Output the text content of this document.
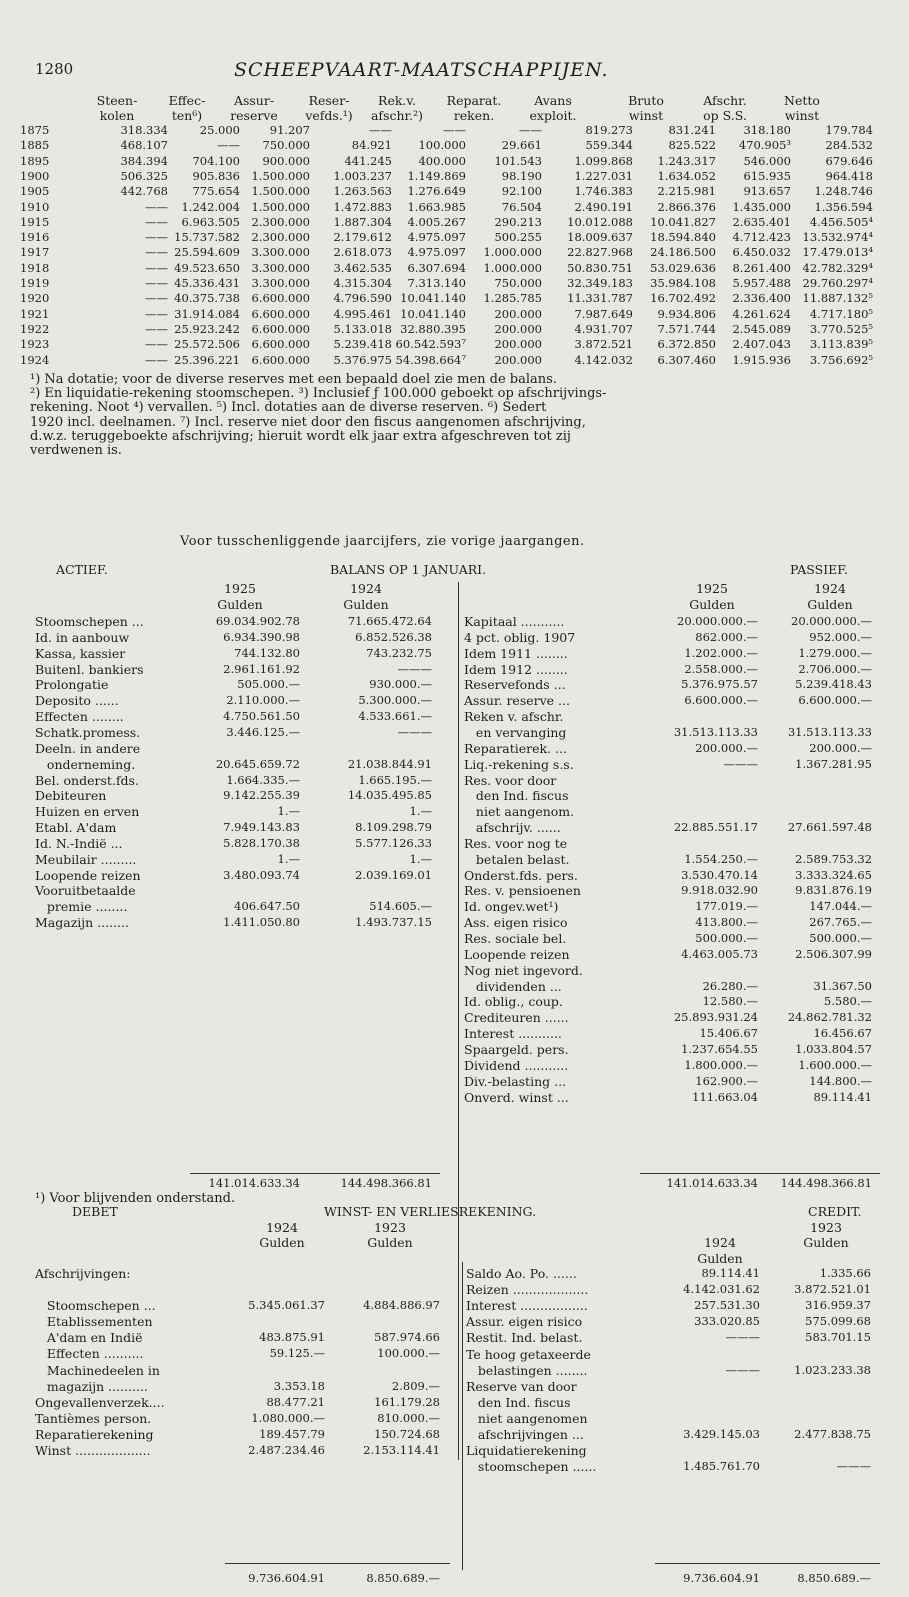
1280	SCHEEPVAART-MAATSCHAPPIJEN.
Steen-
kolen
Effec-
ten⁶)
Assur-
reserve
Reser-
vefds.¹)
Rek.v.
afschr.²)
Reparat.
reken.
Avans
exploit.
Bruto
winst
Afschr.
op S.S.
Netto
winst
1875	318.334	25.000	91.207	——	——	——	819.273	831.241	318.180	179.784
1885	468.107	——	750.000	84.921	100.000	29.661	559.344	825.522	470.905³	284.532
1895	384.394	704.100	900.000	441.245	400.000	101.543	1.099.868	1.243.317	546.000	679.646
1900	506.325	905.836 1.500.000	1.003.237	1.149.869	98.190	1.227.031	1.634.052	615.935	964.418
1905	442.768	775.654 1.500.000	1.263.563	1.276.649	92.100	1.746.383	2.215.981	913.657	1.248.746
1910	——	1.242.004 1.500.000	1.472.883	1.663.985	76.504	2.490.191	2.866.376	1.435.000	1.356.594
1915	——	6.963.505 2.300.000	1.887.304	4.005.267	290.213	10.012.088	10.041.827	2.635.401	4.456.505⁴
1916	—— 15.737.582 2.300.000	2.179.612	4.975.097	500.255	18.009.637	18.594.840	4.712.423	13.532.974⁴
1917	—— 25.594.609 3.300.000	2.618.073	4.975.097	1.000.000	22.827.968	24.186.500	6.450.032	17.479.013⁴
1918	—— 49.523.650 3.300.000	3.462.535	6.307.694	1.000.000	50.830.751	53.029.636	8.261.400	42.782.329⁴
1919	—— 45.336.431 3.300.000	4.315.304	7.313.140	750.000	32.349.183	35.984.108	5.957.488	29.760.297⁴
1920	—— 40.375.738 6.600.000	4.796.590 10.041.140	1.285.785	11.331.787	16.702.492	2.336.400	11.887.132⁵
1921	—— 31.914.084 6.600.000	4.995.461 10.041.140	200.000	7.987.649	9.934.806	4.261.624	4.717.180⁵
1922	—— 25.923.242 6.600.000	5.133.018 32.880.395	200.000	4.931.707	7.571.744	2.545.089	3.770.525⁵
1923	—— 25.572.506 6.600.000	5.239.418 60.542.593⁷	200.000	3.872.521	6.372.850	2.407.043	3.113.839⁵
1924	—— 25.396.221 6.600.000	5.376.975 54.398.664⁷	200.000	4.142.032	6.307.460	1.915.936	3.756.692⁵
¹) Na dotatie; voor de diverse reserves met een bepaald doel zie men de balans.
²) En liquidatie-rekening stoomschepen. ³) Inclusief ƒ 100.000 geboekt op afschrijvings-
rekening. Noot ⁴) vervallen. ⁵) Incl. dotaties aan de diverse reserven. ⁶) Sedert
1920 incl. deelnamen. ⁷) Incl. reserve niet door den fiscus aangenomen afschrijving,
d.w.z. teruggeboekte afschrijving; hieruit wordt elk jaar extra afgeschreven tot zij
verdwenen is.
Voor tusschenliggende jaarcijfers, zie vorige jaargangen.
ACTIEF.	BALANS OP 1 JANUARI.	PASSIEF.
1925	1924
Gulden	Gulden
1925	1924
Gulden	Gulden
Stoomschepen ...	69.034.902.78	71.665.472.64
Id. in aanbouw	6.934.390.98	6.852.526.38
Kassa, kassier	744.132.80	743.232.75
Buitenl. bankiers	2.961.161.92	———
Prolongatie	505.000.—	930.000.—
Deposito ......	2.110.000.—	5.300.000.—
Effecten ........	4.750.561.50	4.533.661.—
Schatk.promess.	3.446.125.—	———
Deeln. in andere
onderneming.	20.645.659.72	21.038.844.91
Bel. onderst.fds.	1.664.335.—	1.665.195.—
Debiteuren	9.142.255.39	14.035.495.85
Huizen en erven	1.—	1.—
Etabl. A'dam	7.949.143.83	8.109.298.79
Id. N.-Indië ...	5.828.170.38	5.577.126.33
Meubilair .........	1.—	1.—
Loopende reizen	3.480.093.74	2.039.169.01
Vooruitbetaalde
premie ........	406.647.50	514.605.—
Magazijn ........	1.411.050.80	1.493.737.15
Kapitaal ...........	20.000.000.—	20.000.000.—
4 pct. oblig. 1907	862.000.—	952.000.—
Idem 1911 ........	1.202.000.—	1.279.000.—
Idem 1912 ........	2.558.000.—	2.706.000.—
Reservefonds ...	5.376.975.57	5.239.418.43
Assur. reserve ...	6.600.000.—	6.600.000.—
Reken v. afschr.
en vervanging	31.513.113.33	31.513.113.33
Reparatierek. ...	200.000.—	200.000.—
Liq.-rekening s.s.	———	1.367.281.95
Res. voor door
den Ind. fiscus
niet aangenom.
afschrijv. ......	22.885.551.17	27.661.597.48
Res. voor nog te
betalen belast.	1.554.250.—	2.589.753.32
Onderst.fds. pers.	3.530.470.14	3.333.324.65
Res. v. pensioenen	9.918.032.90	9.831.876.19
Id. ongev.wet¹)	177.019.—	147.044.—
Ass. eigen risico	413.800.—	267.765.—
Res. sociale bel.	500.000.—	500.000.—
Loopende reizen	4.463.005.73	2.506.307.99
Nog niet ingevord.
dividenden ...	26.280.—	31.367.50
Id. oblig., coup.	12.580.—	5.580.—
Crediteuren ......	25.893.931.24	24.862.781.32
Interest ...........	15.406.67	16.456.67
Spaargeld. pers.	1.237.654.55	1.033.804.57
Dividend ...........	1.800.000.—	1.600.000.—
Div.-belasting ...	162.900.—	144.800.—
Onverd. winst ...	111.663.04	89.114.41
141.014.633.34	144.498.366.81	141.014.633.34	144.498.366.81
¹) Voor blijvenden onderstand.
1924	1923
Gulden	Gulden	1924
1923
Gulden
Gulden
Afschrijvingen:
Stoomschepen ...	5.345.061.37	4.884.886.97
Etablissementen
A'dam en Indië	483.875.91	587.974.66
Effecten ..........	59.125.—	100.000.—
Machinedeelen in
magazijn ..........	3.353.18	2.809.—
Ongevallenverzek....	88.477.21	161.179.28
Tantièmes person.	1.080.000.—	810.000.—
Reparatierekening	189.457.79	150.724.68
Winst ...................	2.487.234.46	2.153.114.41
Saldo Ao. Po. ......	89.114.41	1.335.66
Reizen ...................	4.142.031.62	3.872.521.01
Interest .................	257.531.30	316.959.37
Assur. eigen risico	333.020.85	575.099.68
Restit. Ind. belast.	———	583.701.15
Te hoog getaxeerde
belastingen ........	———	1.023.233.38
Reserve van door
den Ind. fiscus
niet aangenomen
afschrijvingen ...	3.429.145.03	2.477.838.75
Liquidatierekening
stoomschepen ......	1.485.761.70	———
9.736.604.91	8.850.689.—	9.736.604.91	8.850.689.—
DEBET	WINST- EN VERLIESREKENING.	CREDIT.
